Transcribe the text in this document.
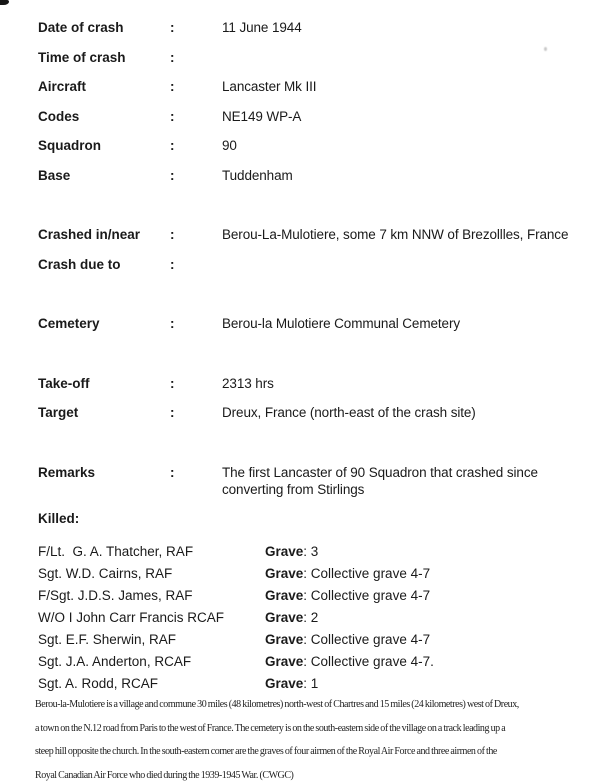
Date of crash	:	11 June 1944
Time of crash	:
Aircraft	:	Lancaster Mk III
Codes	:	NE149 WP-A
Squadron	:	90
Base	:	Tuddenham
Crashed in/near	:	Berou-La-Mulotiere, some 7 km NNW of Brezollles, France
Crash due to	:
Cemetery	:	Berou-la Mulotiere Communal Cemetery
Take-off	:	2313 hrs
Target	:	Dreux, France (north-east of the crash site)
Remarks	:	The first Lancaster of 90 Squadron that crashed since converting from Stirlings
Killed:
F/Lt.  G. A. Thatcher, RAF	Grave: 3
Sgt. W.D. Cairns, RAF	Grave: Collective grave 4-7
F/Sgt. J.D.S. James, RAF	Grave: Collective grave 4-7
W/O I John Carr Francis RCAF	Grave: 2
Sgt. E.F. Sherwin, RAF	Grave: Collective grave 4-7
Sgt. J.A. Anderton, RCAF	Grave: Collective grave 4-7.
Sgt. A. Rodd, RCAF	Grave: 1
Berou-la-Mulotiere is a village and commune 30 miles (48 kilometres) north-west of Chartres and 15 miles (24 kilometres) west of Dreux,
a town on the N.12 road from Paris to the west of France. The cemetery is on the south-eastern side of the village on a track leading up a
steep hill opposite the church. In the south-eastern corner are the graves of four airmen of the Royal Air Force and three airmen of the
Royal Canadian Air Force who died during the 1939-1945 War. (CWGC)
